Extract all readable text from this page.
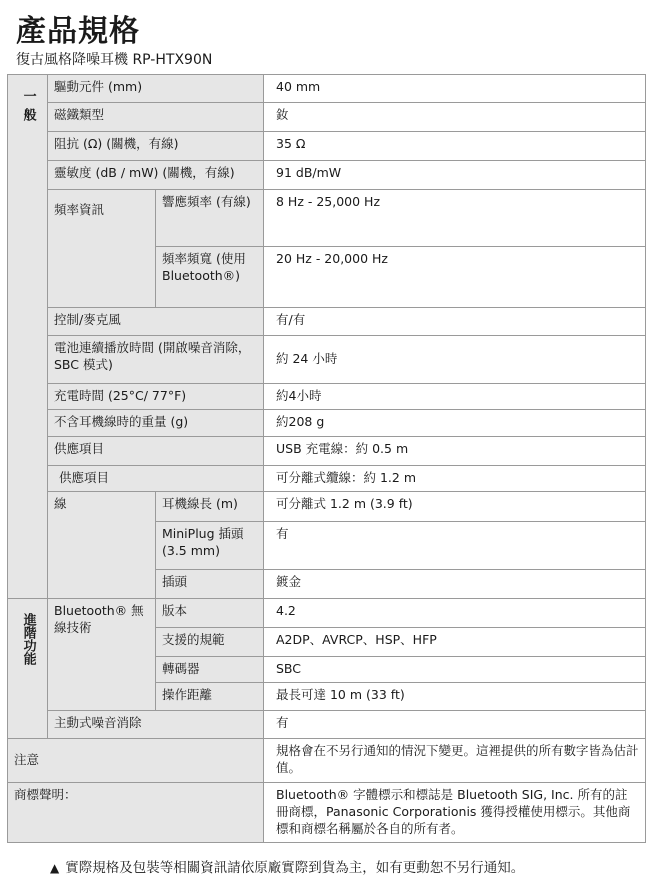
產品規格
復古風格降噪耳機 RP-HTX90N
一般	驅動元件 (mm)		40 mm
	磁鐵類型		釹
	阻抗 (Ω) (關機，有線)		35 Ω
	靈敏度 (dB / mW) (關機，有線)		91 dB/mW
	頻率資訊	響應頻率 (有線)	8 Hz - 25,000 Hz
		頻率頻寬 (使用 Bluetooth®)	20 Hz - 20,000 Hz
	控制/麥克風		有/有
	電池連續播放時間 (開啟噪音消除，SBC 模式)		約 24 小時
	充電時間 (25°C/ 77°F)		約4小時
	不含耳機線時的重量 (g)		約208 g
	供應項目		USB 充電線：約 0.5 m
	供應項目		可分離式纜線：約 1.2 m
	線	耳機線長 (m)	可分離式 1.2 m (3.9 ft)
		MiniPlug 插頭 (3.5 mm)	有
		插頭	鍍金
進階功能	Bluetooth® 無線技術	版本	4.2
		支援的規範	A2DP、AVRCP、HSP、HFP
		轉碼器	SBC
		操作距離	最長可達 10 m (33 ft)
	主動式噪音消除		有
注意			規格會在不另行通知的情況下變更。這裡提供的所有數字皆為估計值。
商標聲明：			Bluetooth® 字體標示和標誌是 Bluetooth SIG, Inc. 所有的註冊商標，Panasonic Corporationis 獲得授權使用標示。其他商標和商標名稱屬於各自的所有者。
▲ 實際規格及包裝等相關資訊請依原廠實際到貨為主，如有更動恕不另行通知。
